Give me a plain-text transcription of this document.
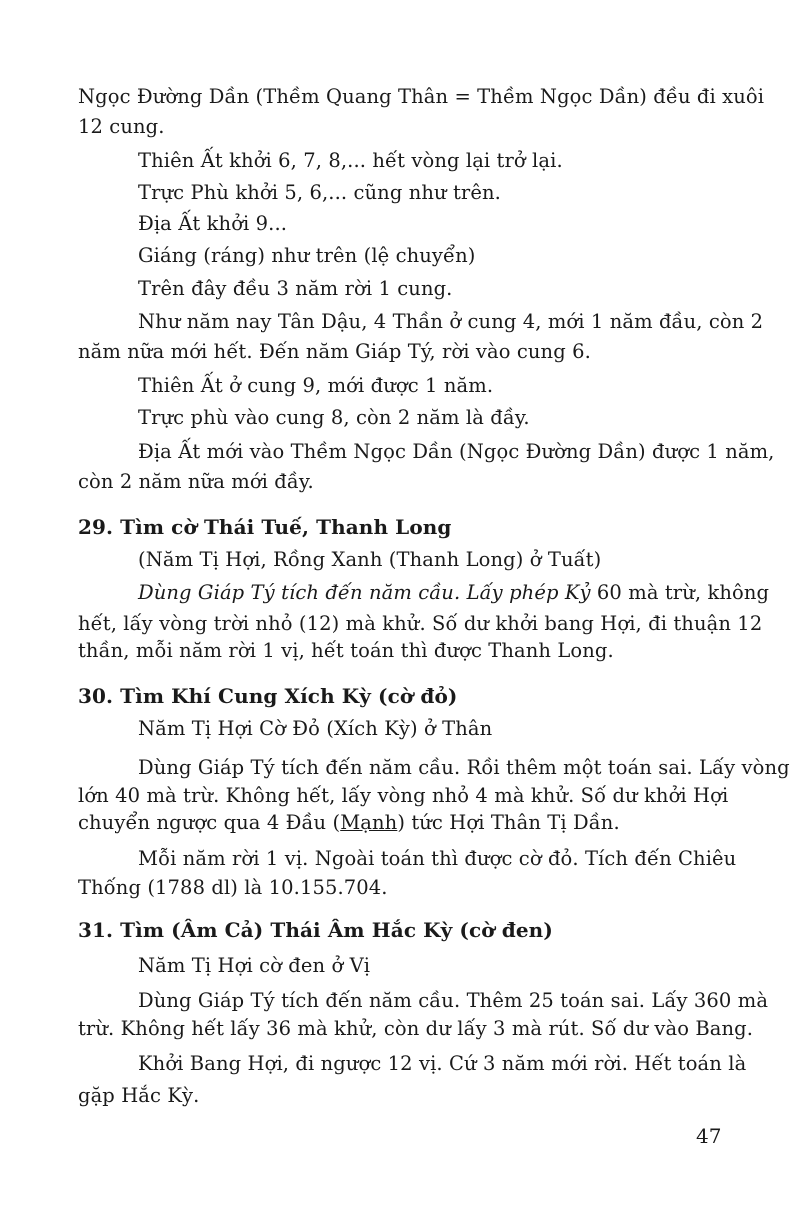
Ngọc Đường Dần (Thềm Quang Thân = Thềm Ngọc Dần) đều đi xuôi
12 cung.
Thiên Ất khởi 6, 7, 8,... hết vòng lại trở lại.
Trực Phù khởi 5, 6,... cũng như trên.
Địa Ất khởi 9...
Giáng (ráng) như trên (lệ chuyển)
Trên đây đều 3 năm rời 1 cung.
Như năm nay Tân Dậu, 4 Thần ở cung 4, mới 1 năm đầu, còn 2
năm nữa mới hết. Đến năm Giáp Tý, rời vào cung 6.
Thiên Ất ở cung 9, mới được 1 năm.
Trực phù vào cung 8, còn 2 năm là đầy.
Địa Ất mới vào Thềm Ngọc Dần (Ngọc Đường Dần) được 1 năm,
còn 2 năm nữa mới đầy.
29. Tìm cờ Thái Tuế, Thanh Long
(Năm Tị Hợi, Rồng Xanh (Thanh Long) ở Tuất)
Dùng Giáp Tý tích đến năm cầu. Lấy phép Kỷ 60 mà trừ, không
hết, lấy vòng trời nhỏ (12) mà khử. Số dư khởi bang Hợi, đi thuận 12
thần, mỗi năm rời 1 vị, hết toán thì được Thanh Long.
30. Tìm Khí Cung Xích Kỳ (cờ đỏ)
Năm Tị Hợi Cờ Đỏ (Xích Kỳ) ở Thân
Dùng Giáp Tý tích đến năm cầu. Rồi thêm một toán sai. Lấy vòng
lớn 40 mà trừ. Không hết, lấy vòng nhỏ 4 mà khử. Số dư khởi Hợi
chuyển ngược qua 4 Đầu (Mạnh) tức Hợi Thân Tị Dần.
Mỗi năm rời 1 vị. Ngoài toán thì được cờ đỏ. Tích đến Chiêu
Thống (1788 dl) là 10.155.704.
31. Tìm (Âm Cả) Thái Âm Hắc Kỳ (cờ đen)
Năm Tị Hợi cờ đen ở Vị
Dùng Giáp Tý tích đến năm cầu. Thêm 25 toán sai. Lấy 360 mà
trừ. Không hết lấy 36 mà khử, còn dư lấy 3 mà rút. Số dư vào Bang.
Khởi Bang Hợi, đi ngược 12 vị. Cứ 3 năm mới rời. Hết toán là
gặp Hắc Kỳ.
47
